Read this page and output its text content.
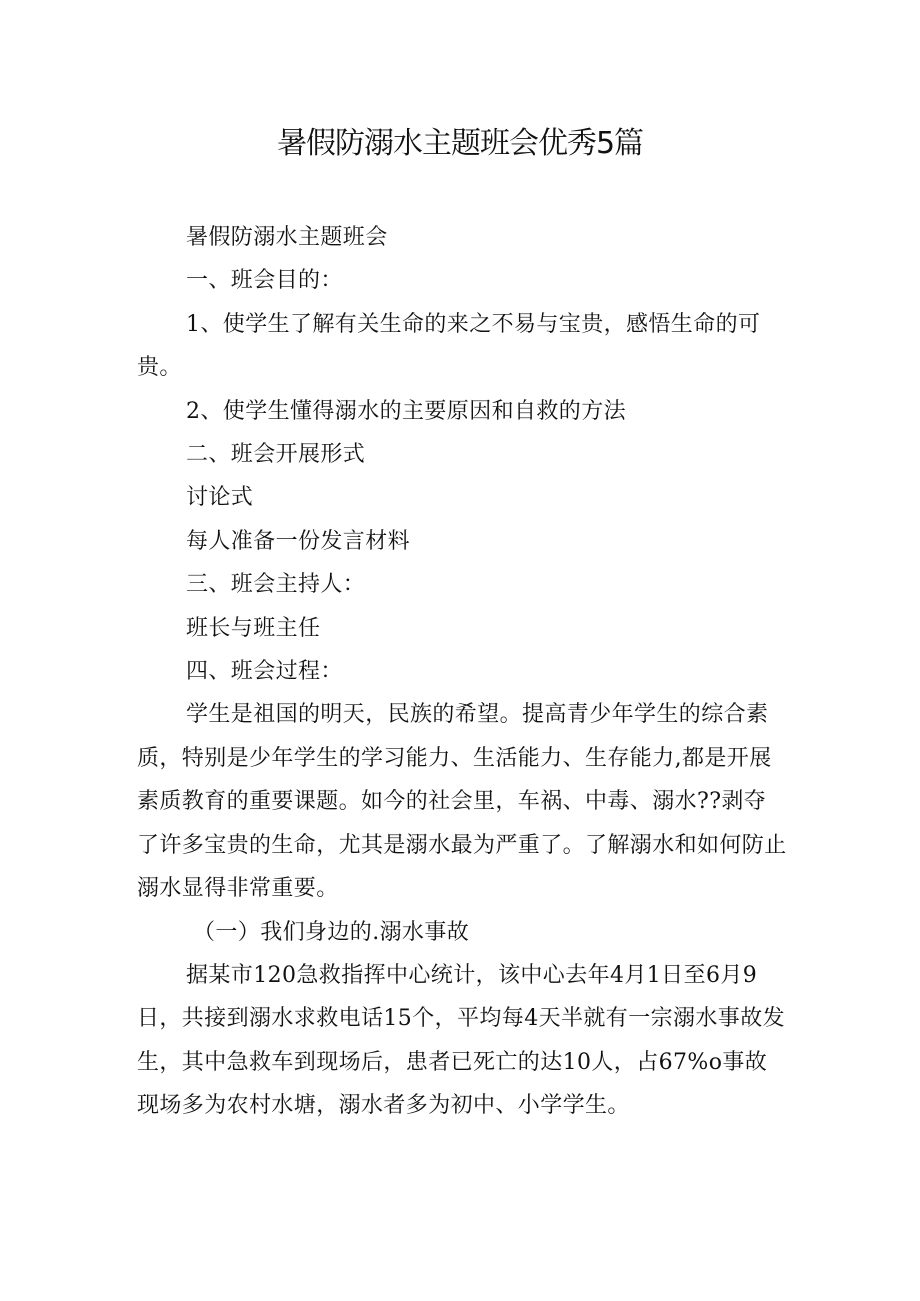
暑假防溺水主题班会优秀5篇

暑假防溺水主题班会

一、班会目的：

1、使学生了解有关生命的来之不易与宝贵，感悟生命的可贵。

2、使学生懂得溺水的主要原因和自救的方法

二、班会开展形式

讨论式

每人准备一份发言材料

三、班会主持人：

班长与班主任

四、班会过程：

学生是祖国的明天，民族的希望。提高青少年学生的综合素质，特别是少年学生的学习能力、生活能力、生存能力,都是开展素质教育的重要课题。如今的社会里，车祸、中毒、溺水??剥夺了许多宝贵的生命，尤其是溺水最为严重了。了解溺水和如何防止溺水显得非常重要。

（一）我们身边的.溺水事故

据某市120急救指挥中心统计，该中心去年4月1日至6月9日，共接到溺水求救电话15个，平均每4天半就有一宗溺水事故发生，其中急救车到现场后，患者已死亡的达10人，占67%o事故现场多为农村水塘，溺水者多为初中、小学学生。
